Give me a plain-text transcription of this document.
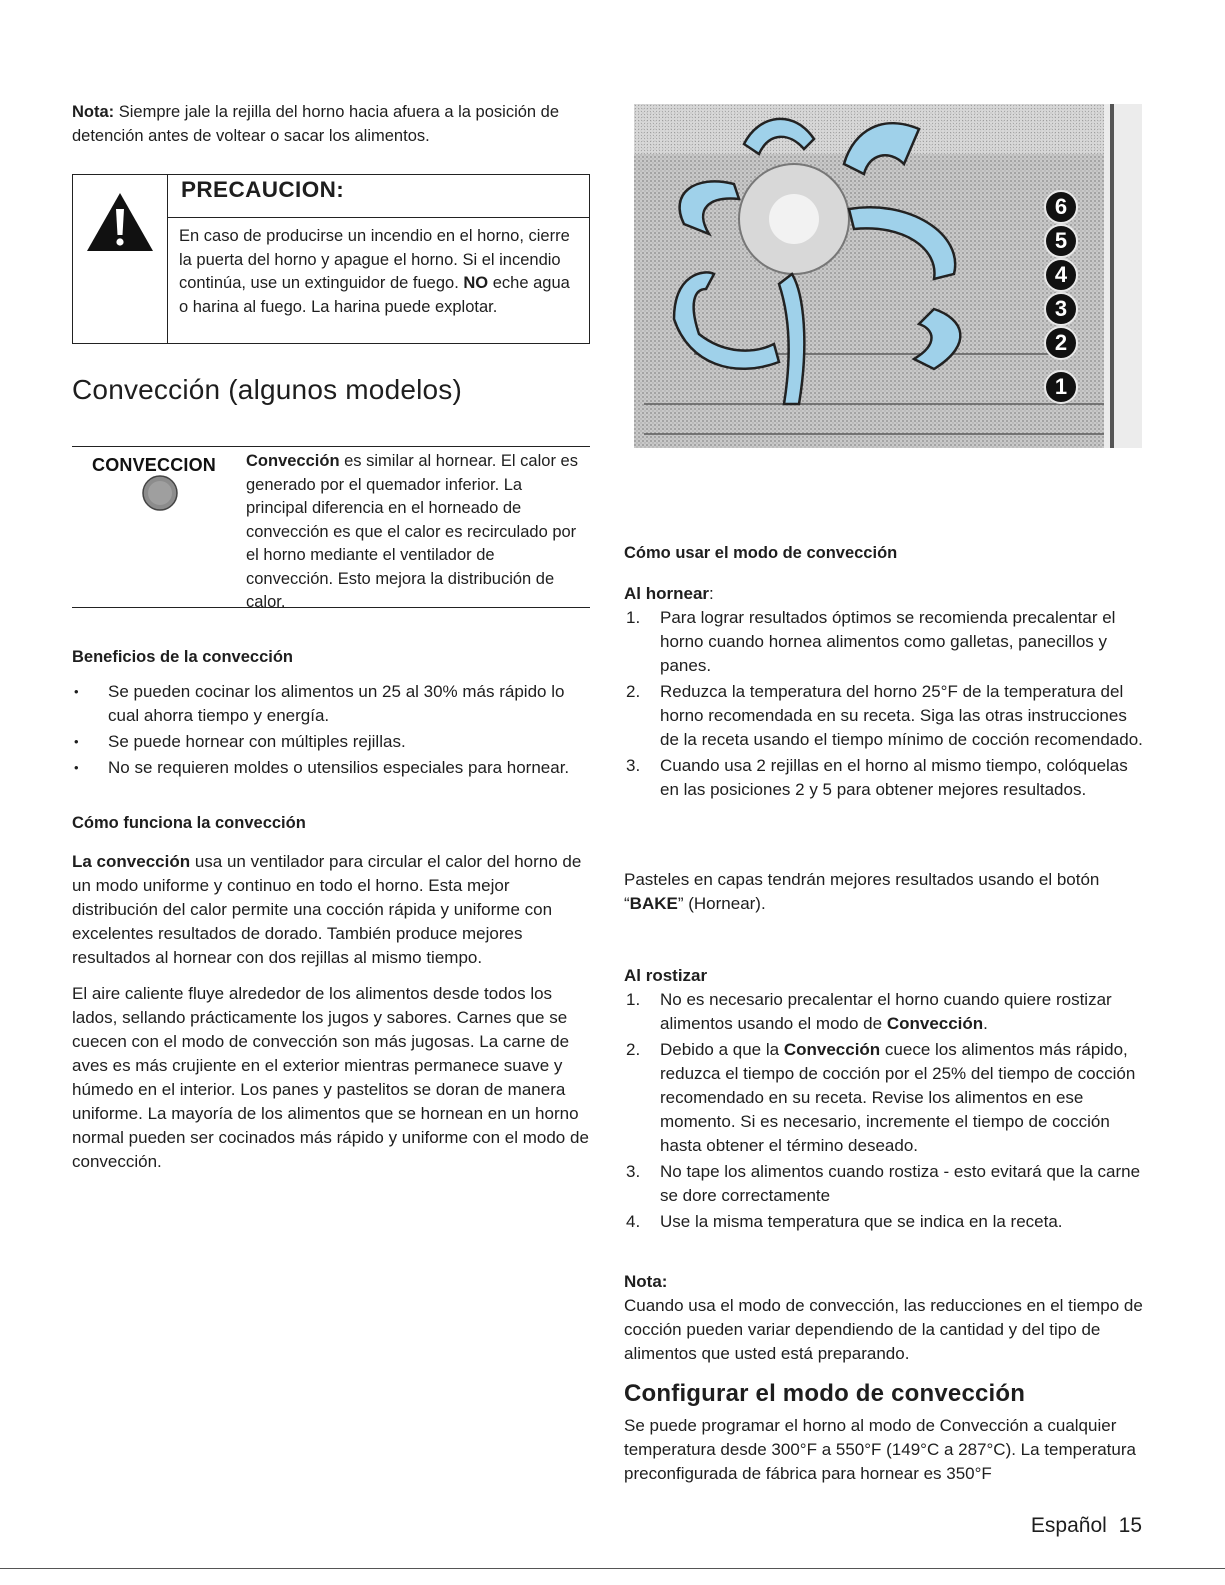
Nota: Siempre jale la rejilla del horno hacia afuera a la posición de detención antes de voltear o sacar los alimentos.

PRECAUCION:

En caso de producirse un incendio en el horno, cierre la puerta del horno y apague el horno. Si el incendio continúa, use un extinguidor de fuego. NO eche agua o harina al fuego. La harina puede explotar.

Convección (algunos modelos)
CONVECCION	Convección es similar al hornear. El calor es generado por el quemador inferior. La principal diferencia en el horneado de convección es que el calor es recirculado por el horno mediante el ventilador de convección. Esto mejora la distribución de calor.

Beneficios de la convección
• Se pueden cocinar los alimentos un 25 al 30% más rápido lo cual ahorra tiempo y energía.
• Se puede hornear con múltiples rejillas.
• No se requieren moldes o utensilios especiales para hornear.
Cómo funciona la convección

La convección usa un ventilador para circular el calor del horno de un modo uniforme y continuo en todo el horno. Esta mejor distribución del calor permite una cocción rápida y uniforme con excelentes resultados de dorado. También produce mejores resultados al hornear con dos rejillas al mismo tiempo.

El aire caliente fluye alrededor de los alimentos desde todos los lados, sellando prácticamente los jugos y sabores. Carnes que se cuecen con el modo de convección son más jugosas. La carne de aves es más crujiente en el exterior mientras permanece suave y húmedo en el interior. Los panes y pastelitos se doran de manera uniforme. La mayoría de los alimentos que se hornean en un horno normal pueden ser cocinados más rápido y uniforme con el modo de convección.

6
5
4
3
2
1
Cómo usar el modo de convección
Al hornear:
1. Para lograr resultados óptimos se recomienda precalentar el horno cuando hornea alimentos como galletas, panecillos y panes.
2. Reduzca la temperatura del horno 25°F de la temperatura del horno recomendada en su receta. Siga las otras instrucciones de la receta usando el tiempo mínimo de cocción recomendado.
3. Cuando usa 2 rejillas en el horno al mismo tiempo, colóquelas en las posiciones 2 y 5 para obtener mejores resultados.

Pasteles en capas tendrán mejores resultados usando el botón “BAKE” (Hornear).

Al rostizar
1. No es necesario precalentar el horno cuando quiere rostizar alimentos usando el modo de Convección.
2. Debido a que la Convección cuece los alimentos más rápido, reduzca el tiempo de cocción por el 25% del tiempo de cocción recomendado en su receta. Revise los alimentos en ese momento. Si es necesario, incremente el tiempo de cocción hasta obtener el término deseado.
3. No tape los alimentos cuando rostiza - esto evitará que la carne se dore correctamente
4. Use la misma temperatura que se indica en la receta.
Nota:

Cuando usa el modo de convección, las reducciones en el tiempo de cocción pueden variar dependiendo de la cantidad y del tipo de alimentos que usted está preparando.

Configurar el modo de convección

Se puede programar el horno al modo de Convección a cualquier temperatura desde 300°F a 550°F (149°C a 287°C). La temperatura preconfigurada de fábrica para hornear es 350°F

Español 15
